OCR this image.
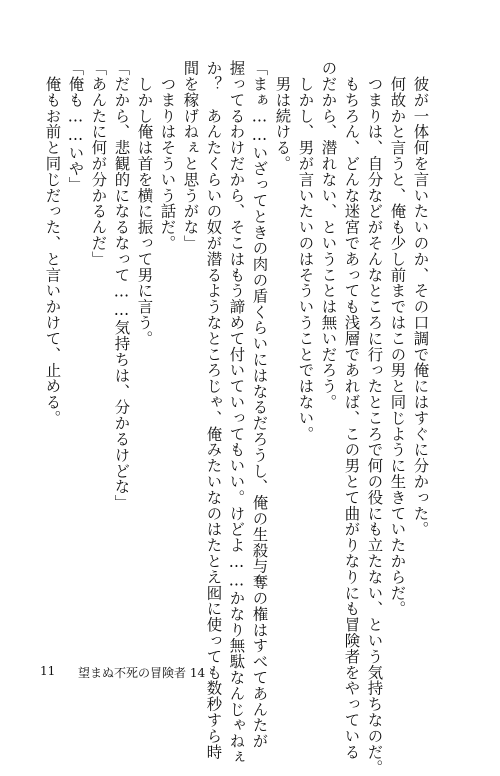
　彼が一体何を言いたいのか、その口調で俺にはすぐに分かった。
　何故かと言うと、俺も少し前まではこの男と同じように生きていたからだ。
　つまりは、自分などがそんなところに行ったところで何の役にも立たない、という気持ちなのだ。
　もちろん、どんな迷宮であっても浅層であれば、この男とて曲がりなりにも冒険者をやっている
のだから、潜れない、ということは無いだろう。
　しかし、男が言いたいのはそういうことではない。
　男は続ける。
「まぁ……いざってときの肉の盾くらいにはなるだろうし、俺の生殺与奪の権はすべてあんたが
握ってるわけだから、そこはもう諦めて付いていってもいい。けどよ……かなり無駄なんじゃねぇ
か？　あんたくらいの奴が潜るようなところじゃ、俺みたいなのはたとえ囮に使っても数秒すら時
間を稼げねぇと思うがな」
　つまりはそういう話だ。
　しかし俺は首を横に振って男に言う。
「だから、悲観的になるなって……気持ちは、分かるけどな」
「あんたに何が分かるんだ」
「俺も……いや」
　俺もお前と同じだった、と言いかけて、止める。
11 望まぬ不死の冒険者 14
